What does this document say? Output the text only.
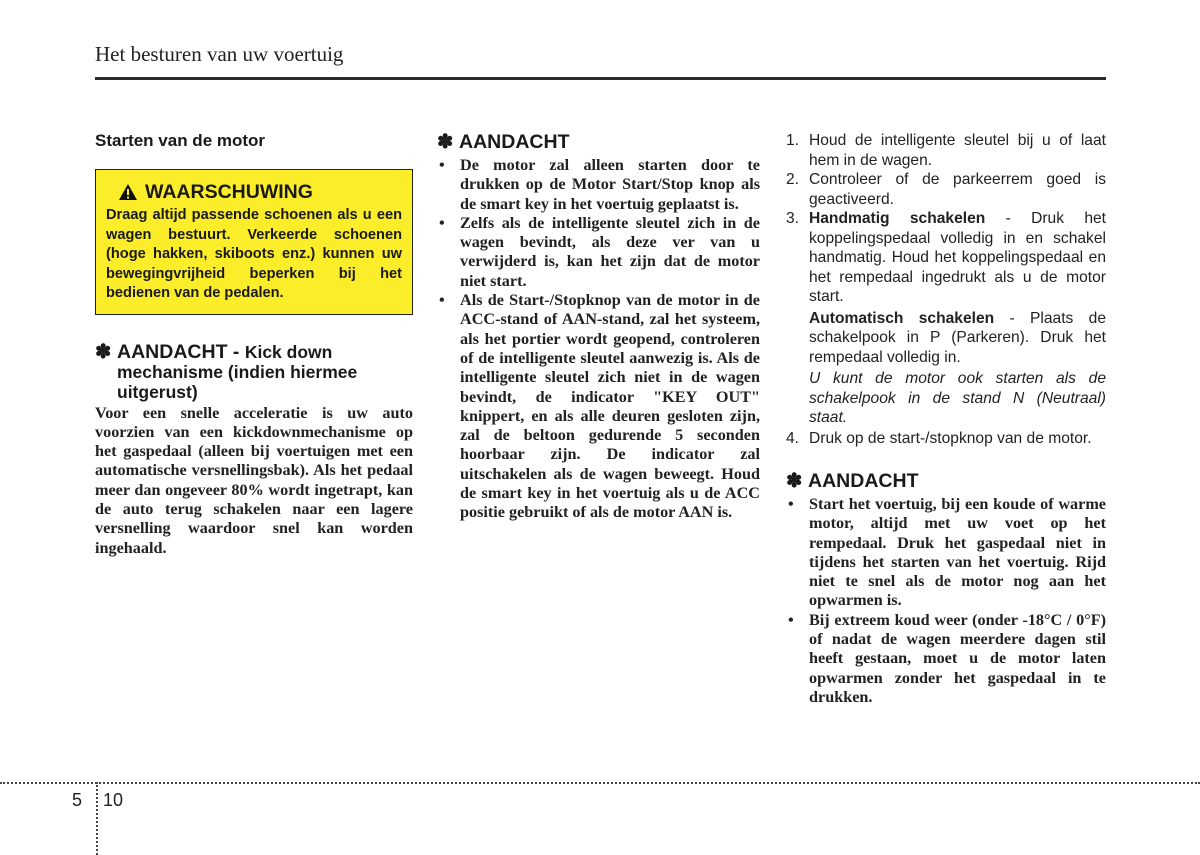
Het besturen van uw voertuig
Starten van de motor
WAARSCHUWING
Draag altijd passende schoenen als u een wagen bestuurt. Verkeerde schoenen (hoge hakken, skiboots enz.) kunnen uw bewegingvrijheid beperken bij het bedienen van de pedalen.
✽ AANDACHT - Kick down mechanisme (indien hiermee uitgerust)
Voor een snelle acceleratie is uw auto voorzien van een kickdownmechanisme op het gaspedaal (alleen bij voertuigen met een automatische versnellingsbak). Als het pedaal meer dan ongeveer 80% wordt ingetrapt, kan de auto terug schakelen naar een lagere versnelling waardoor snel kan worden ingehaald.
✽ AANDACHT
• De motor zal alleen starten door te drukken op de Motor Start/Stop knop als de smart key in het voertuig geplaatst is.
• Zelfs als de intelligente sleutel zich in de wagen bevindt, als deze ver van u verwijderd is, kan het zijn dat de motor niet start.
• Als de Start-/Stopknop van de motor in de ACC-stand of AAN-stand, zal het systeem, als het portier wordt geopend, controleren of de intelligente sleutel aanwezig is. Als de intelligente sleutel zich niet in de wagen bevindt, de indicator "KEY OUT" knippert, en als alle deuren gesloten zijn, zal de beltoon gedurende 5 seconden hoorbaar zijn. De indicator zal uitschakelen als de wagen beweegt. Houd de smart key in het voertuig als u de ACC positie gebruikt of als de motor AAN is.
1. Houd de intelligente sleutel bij u of laat hem in de wagen.
2. Controleer of de parkeerrem goed is geactiveerd.
3. Handmatig schakelen - Druk het koppelingspedaal volledig in en schakel handmatig. Houd het koppelingspedaal en het rempedaal ingedrukt als u de motor start.
Automatisch schakelen - Plaats de schakelpook in P (Parkeren). Druk het rempedaal volledig in.
U kunt de motor ook starten als de schakelpook in de stand N (Neutraal) staat.
4. Druk op de start-/stopknop van de motor.
✽ AANDACHT
• Start het voertuig, bij een koude of warme motor, altijd met uw voet op het rempedaal. Druk het gaspedaal niet in tijdens het starten van het voertuig. Rijd niet te snel als de motor nog aan het opwarmen is.
• Bij extreem koud weer (onder -18°C / 0°F) of nadat de wagen meerdere dagen stil heeft gestaan, moet u de motor laten opwarmen zonder het gaspedaal in te drukken.
5 10
